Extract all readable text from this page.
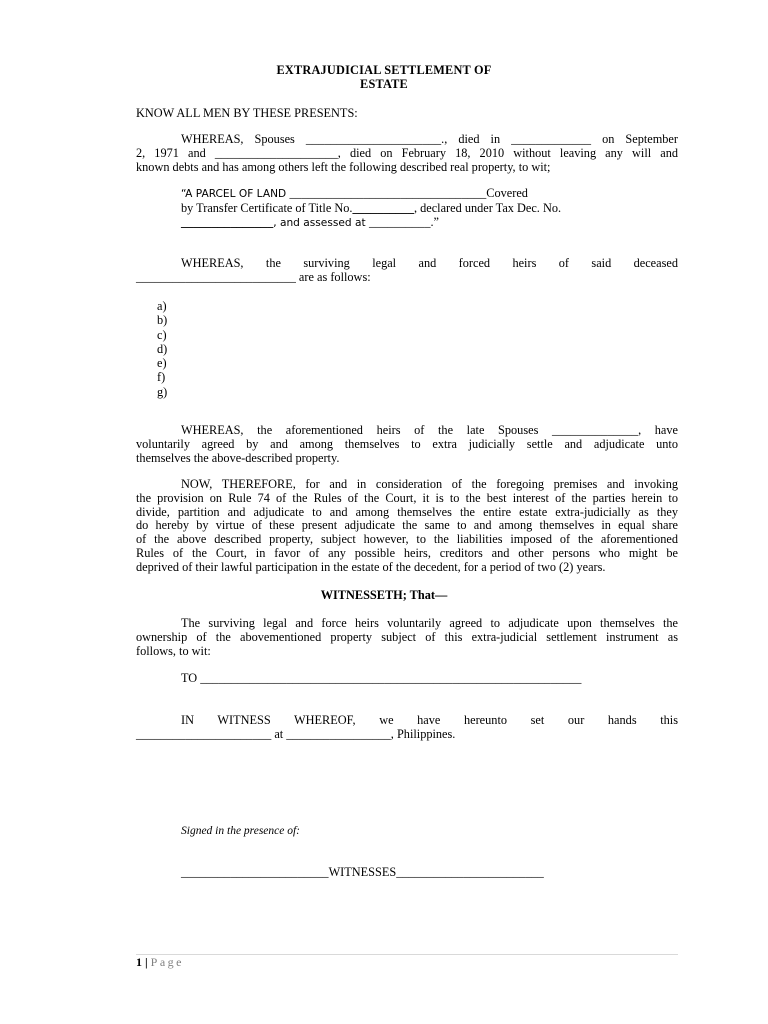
EXTRAJUDICIAL SETTLEMENT OF
ESTATE
KNOW ALL MEN BY THESE PRESENTS:
WHEREAS, Spouses ______________________., died in _____________ on September
2, 1971 and ____________________, died on February 18, 2010 without leaving any will and
known debts and has among others left the following described real property, to wit;
“A PARCEL OF LAND ________________________________Covered
by Transfer Certificate of Title No.__________, declared under Tax Dec. No.
_______________, and assessed at __________.”
WHEREAS, the surviving legal and forced heirs of said deceased
__________________________ are as follows:
a)
b)
c)
d)
e)
f)
g)
WHEREAS, the aforementioned heirs of the late Spouses ______________, have
voluntarily agreed by and among themselves to extra judicially settle and adjudicate unto
themselves the above-described property.
NOW, THEREFORE, for and in consideration of the foregoing premises and invoking
the provision on Rule 74 of the Rules of the Court, it is to the best interest of the parties herein to
divide, partition and adjudicate to and among themselves the entire estate extra-judicially as they
do hereby by virtue of these present adjudicate the same to and among themselves in equal share
of the above described property, subject however, to the liabilities imposed of the aforementioned
Rules of the Court, in favor of any possible heirs, creditors and other persons who might be
deprived of their lawful participation in the estate of the decedent, for a period of two (2) years.
WITNESSETH; That—
The surviving legal and force heirs voluntarily agreed to adjudicate upon themselves the
ownership of the abovementioned property subject of this extra-judicial settlement instrument as
follows, to wit:
TO ______________________________________________________________
IN WITNESS WHEREOF, we have hereunto set our hands this
______________________ at _________________, Philippines.
Signed in the presence of:
________________________WITNESSES________________________
1 | Page
